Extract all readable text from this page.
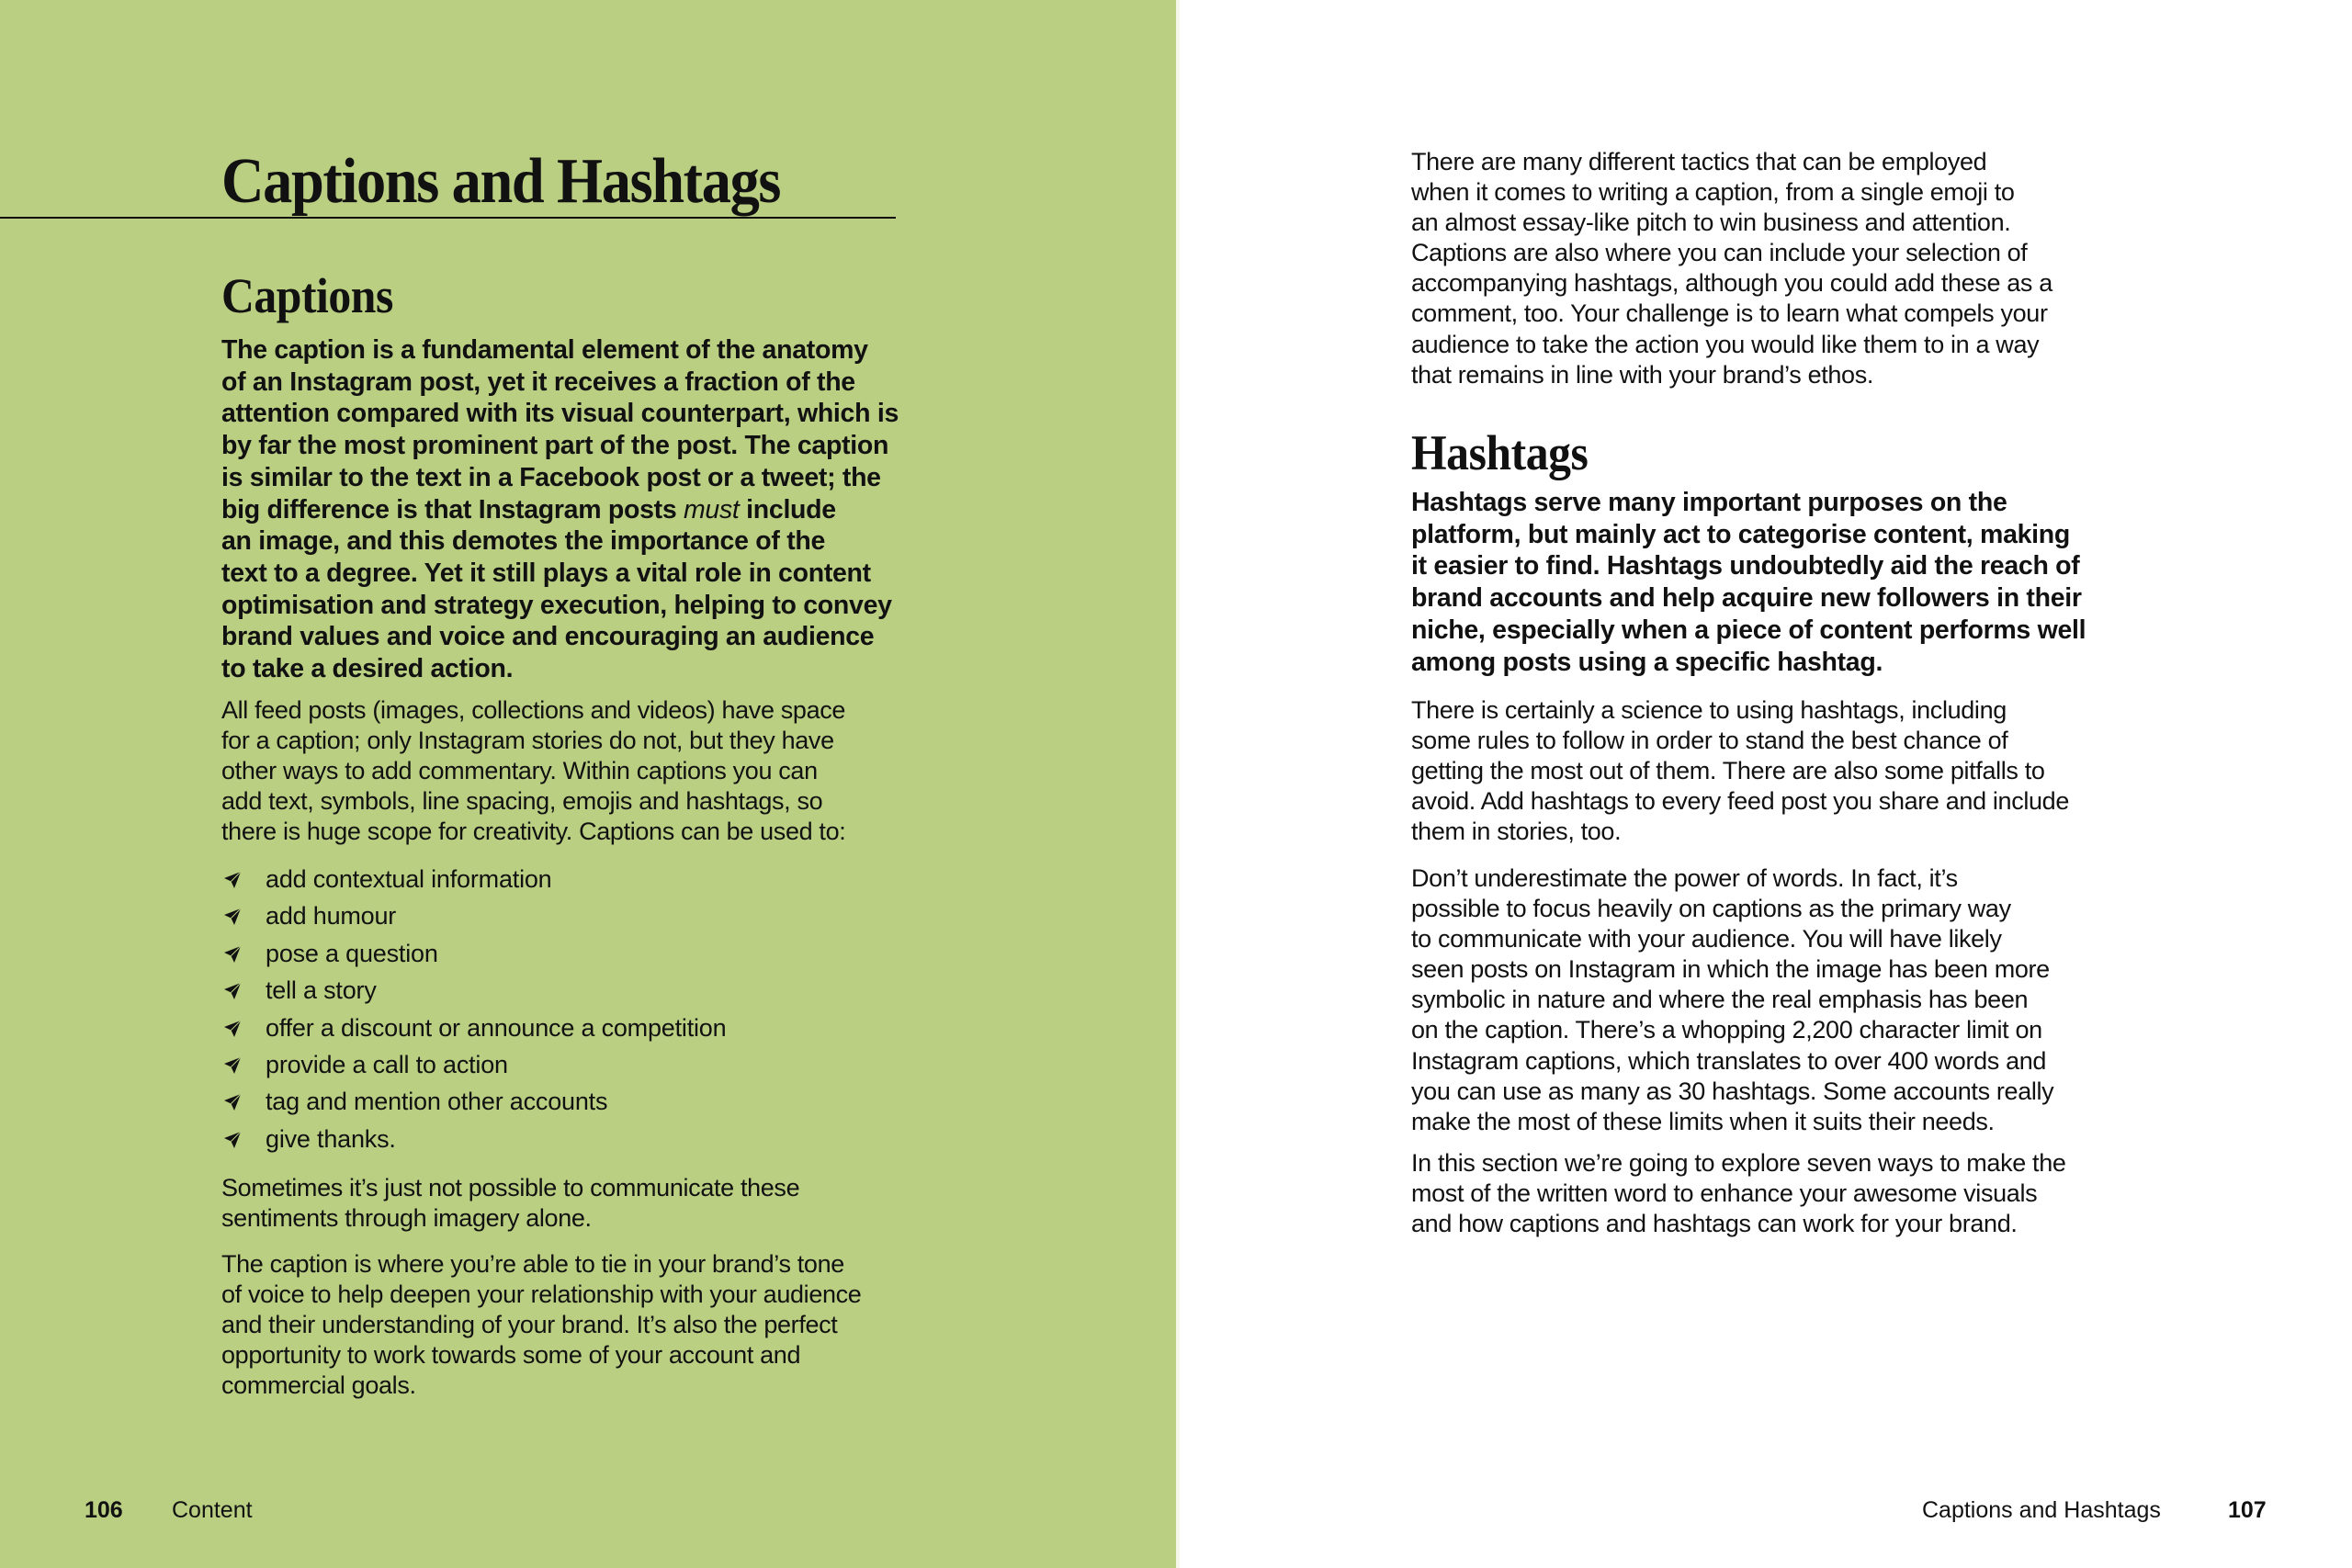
Captions and Hashtags
Captions

The caption is a fundamental element of the anatomy
of an Instagram post, yet it receives a fraction of the
attention compared with its visual counterpart, which is
by far the most prominent part of the post. The caption
is similar to the text in a Facebook post or a tweet; the
big difference is that Instagram posts must include
an image, and this demotes the importance of the
text to a degree. Yet it still plays a vital role in content
optimisation and strategy execution, helping to convey
brand values and voice and encouraging an audience
to take a desired action.

All feed posts (images, collections and videos) have space
for a caption; only Instagram stories do not, but they have
other ways to add commentary. Within captions you can
add text, symbols, line spacing, emojis and hashtags, so
there is huge scope for creativity. Captions can be used to:

add contextual information
add humour
pose a question
tell a story
offer a discount or announce a competition
provide a call to action
tag and mention other accounts
give thanks.

Sometimes it’s just not possible to communicate these
sentiments through imagery alone.

The caption is where you’re able to tie in your brand’s tone
of voice to help deepen your relationship with your audience
and their understanding of your brand. It’s also the perfect
opportunity to work towards some of your account and
commercial goals.

106 Content

There are many different tactics that can be employed
when it comes to writing a caption, from a single emoji to
an almost essay-like pitch to win business and attention.
Captions are also where you can include your selection of
accompanying hashtags, although you could add these as a
comment, too. Your challenge is to learn what compels your
audience to take the action you would like them to in a way
that remains in line with your brand’s ethos.

Hashtags

Hashtags serve many important purposes on the
platform, but mainly act to categorise content, making
it easier to find. Hashtags undoubtedly aid the reach of
brand accounts and help acquire new followers in their
niche, especially when a piece of content performs well
among posts using a specific hashtag.

There is certainly a science to using hashtags, including
some rules to follow in order to stand the best chance of
getting the most out of them. There are also some pitfalls to
avoid. Add hashtags to every feed post you share and include
them in stories, too.

Don’t underestimate the power of words. In fact, it’s
possible to focus heavily on captions as the primary way
to communicate with your audience. You will have likely
seen posts on Instagram in which the image has been more
symbolic in nature and where the real emphasis has been
on the caption. There’s a whopping 2,200 character limit on
Instagram captions, which translates to over 400 words and
you can use as many as 30 hashtags. Some accounts really
make the most of these limits when it suits their needs.

In this section we’re going to explore seven ways to make the
most of the written word to enhance your awesome visuals
and how captions and hashtags can work for your brand.

Captions and Hashtags	107
